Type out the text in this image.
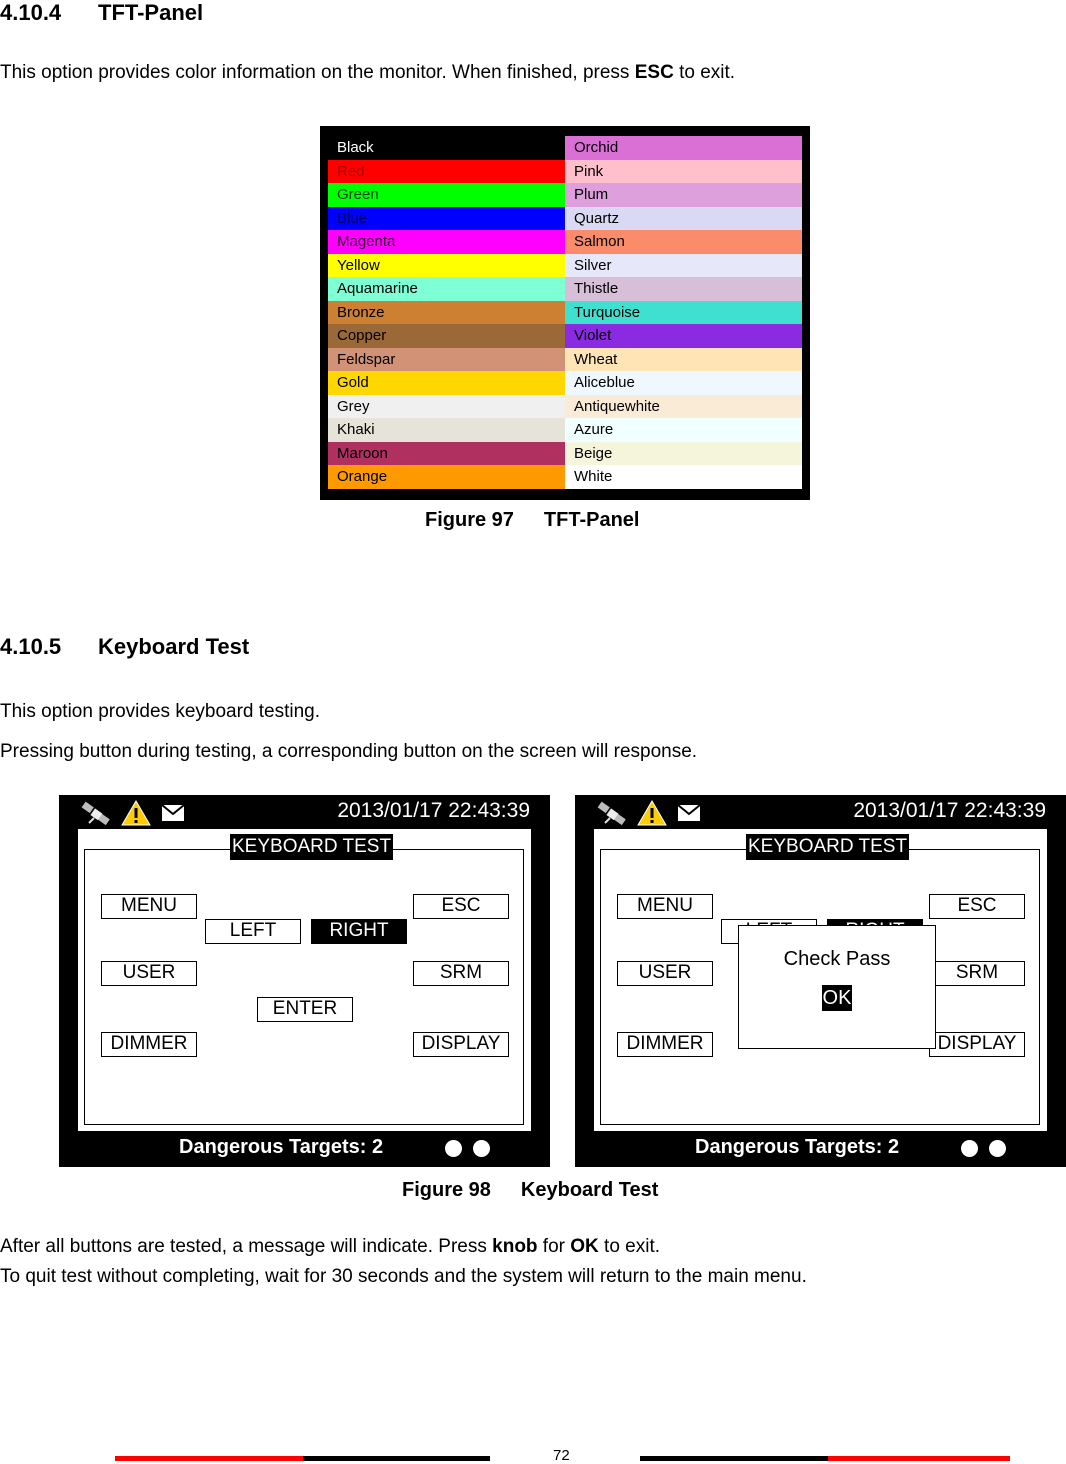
4.10.4 TFT-Panel
This option provides color information on the monitor. When finished, press ESC to exit.
Black	Orchid
Red	Pink
Green	Plum
Blue	Quartz
Magenta	Salmon
Yellow	Silver
Aquamarine	Thistle
Bronze	Turquoise
Copper	Violet
Feldspar	Wheat
Gold	Aliceblue
Grey	Antiquewhite
Khaki	Azure
Maroon	Beige
Orange	White
Figure 97 TFT-Panel
4.10.5 Keyboard Test
This option provides keyboard testing.
Pressing button during testing, a corresponding button on the screen will response.
2013/01/17 22:43:39
KEYBOARD TEST
MENU	ESC
LEFT	RIGHT
USER	SRM
ENTER
DIMMER	DISPLAY
Dangerous Targets: 2
2013/01/17 22:43:39
KEYBOARD TEST
MENU	ESC
USER	SRM
DIMMER	DISPLAY
Check Pass
OK
Dangerous Targets: 2
Figure 98 Keyboard Test
After all buttons are tested, a message will indicate. Press knob for OK to exit.
To quit test without completing, wait for 30 seconds and the system will return to the main menu.
72
